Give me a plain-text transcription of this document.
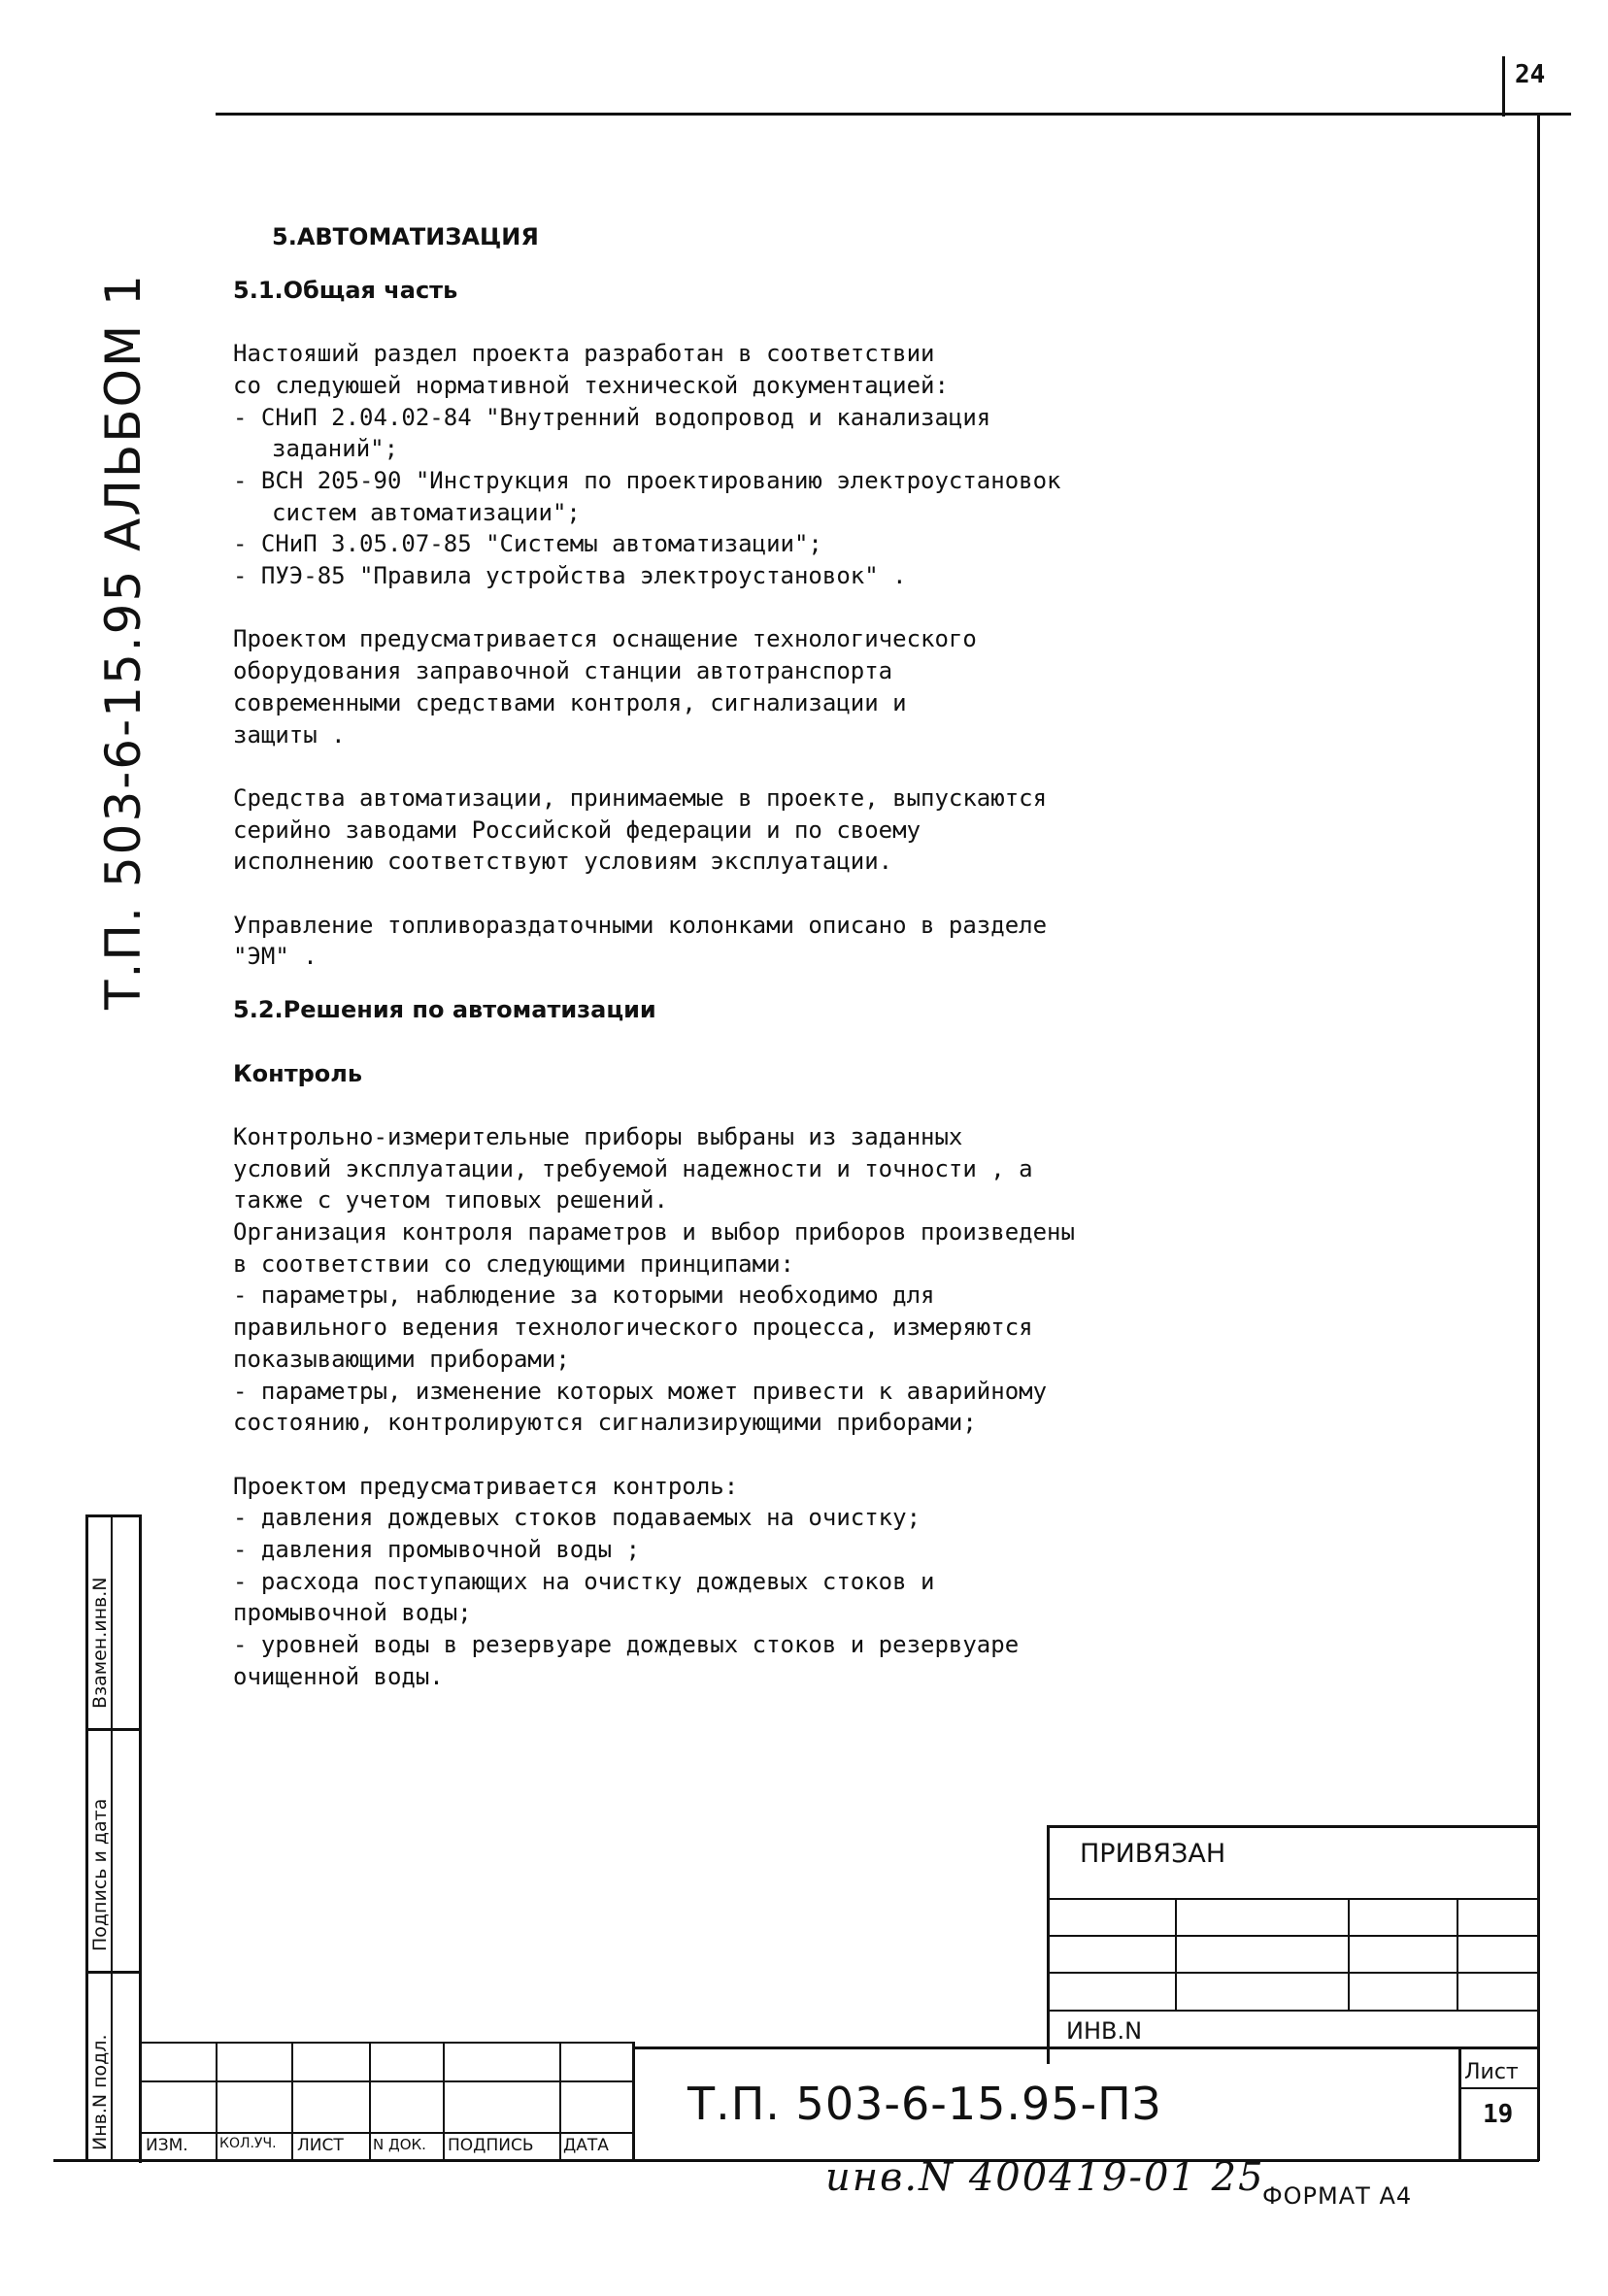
24
Т.П. 503-6-15.95 АЛЬБОМ 1
Взамен.инв.N
Подпись и дата
Инв.N подл.

5.АВТОМАТИЗАЦИЯ

5.1.Общая часть

Настояший раздел проекта разработан в соответствии

со следуюшей нормативной технической документацией:

- СНиП 2.04.02-84 "Внутренний водопровод и канализация

заданий";

- ВСН 205-90 "Инструкция по проектированию электроустановок

систем автоматизации";

- СНиП 3.05.07-85 "Системы автоматизации";

- ПУЭ-85 "Правила устройства электроустановок" .

Проектом предусматривается оснащение технологического

оборудования заправочной станции автотранспорта

современными средствами контроля, сигнализации и

защиты .

Средства автоматизации, принимаемые в проекте, выпускаются

серийно заводами Российской федерации и по своему

исполнению соответствуют условиям эксплуатации.

Управление топливораздаточными колонками описано в разделе

"ЭМ" .

5.2.Решения по автоматизации

Контроль

Контрольно-измерительные приборы выбраны из заданных

условий эксплуатации, требуемой надежности и точности , а

также с учетом типовых решений.

Организация контроля параметров и выбор приборов произведены

в соответствии со следующими принципами:

- параметры, наблюдение за которыми необходимо для

правильного ведения технологического процесса, измеряются

показывающими приборами;

- параметры, изменение которых может привести к аварийному

состоянию, контролируются сигнализирующими приборами;

Проектом предусматривается контроль:

- давления дождевых стоков подаваемых на очистку;

- давления промывочной воды ;

- расхода поступающих на очистку дождевых стоков и

промывочной воды;

- уровней воды в резервуаре дождевых стоков и резервуаре

очищенной воды.

ПРИВЯЗАН
ИНВ.N
ИЗМ. КОЛ.УЧ. ЛИСТ N ДОК. ПОДПИСЬ ДАТА
Т.П. 503-6-15.95-ПЗ
Лист
19
инв.N 400419-01 25
ФОРМАТ А4
